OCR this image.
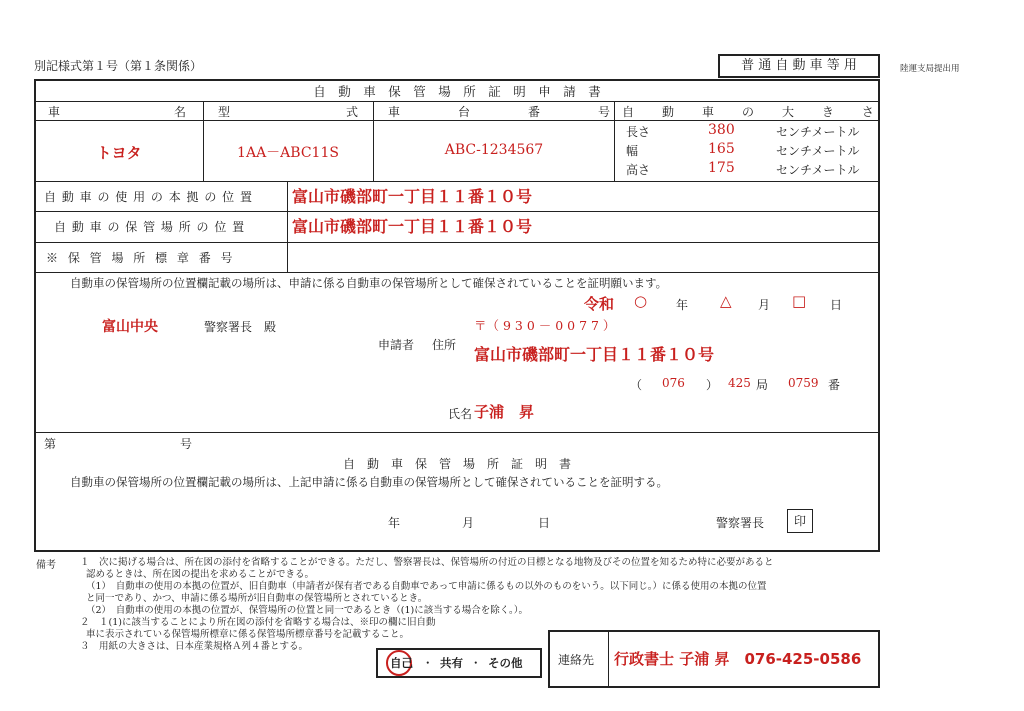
別記様式第１号（第１条関係）	普 通 自 動 車 等 用	陸運支局提出用
自　動　車　保　管　場　所　証　明　申　請　書
車	名	型	式	車	台	番	号 自 動 車 の 大 き さ
トヨタ	1AA－ABC11S	ABC-1234567
長さ	380	センチメートル
幅	165	センチメートル
高さ	175	センチメートル
自 動 車 の 使 用 の 本 拠 の 位 置 富山市磯部町一丁目１１番１０号
自 動 車 の 保 管 場 所 の 位 置	富山市磯部町一丁目１１番１０号
※ 保 管 場 所 標 章 番 号
自動車の保管場所の位置欄記載の場所は、申請に係る自動車の保管場所として確保されていることを証明願います。
令和 ○ 年 △ 月 □ 日
富山中央	警察署長　殿	〒（ 9 3 0 － 0 0 7 7 ）
申請者 住所 富山市磯部町一丁目１１番１０号
（ 076 ） 425 局 0759 番
氏名 子浦　昇
第	号
自　動　車　保　管　場　所　証　明　書
自動車の保管場所の位置欄記載の場所は、上記申請に係る自動車の保管場所として確保されていることを証明する。
年	月	日	警察署長	印
備考	１　次に掲げる場合は、所在図の添付を省略することができる。ただし、警察署長は、保管場所の付近の目標となる地物及びその位置を知るため特に必要があると
認めるときは、所在図の提出を求めることができる。
（1）　自動車の使用の本拠の位置が、旧自動車（申請者が保有者である自動車であって申請に係るもの以外のものをいう。以下同じ。）に係る使用の本拠の位置
と同一であり、かつ、申請に係る場所が旧自動車の保管場所とされているとき。
（2）　自動車の使用の本拠の位置が、保管場所の位置と同一であるとき（(1)に該当する場合を除く。）。
２　１(1)に該当することにより所在図の添付を省略する場合は、※印の欄に旧自動
車に表示されている保管場所標章に係る保管場所標章番号を記載すること。
３　用紙の大きさは、日本産業規格Ａ列４番とする。
自己 ・ 共有 ・ その他	連絡先 行政書士 子浦 昇　076-425-0586
